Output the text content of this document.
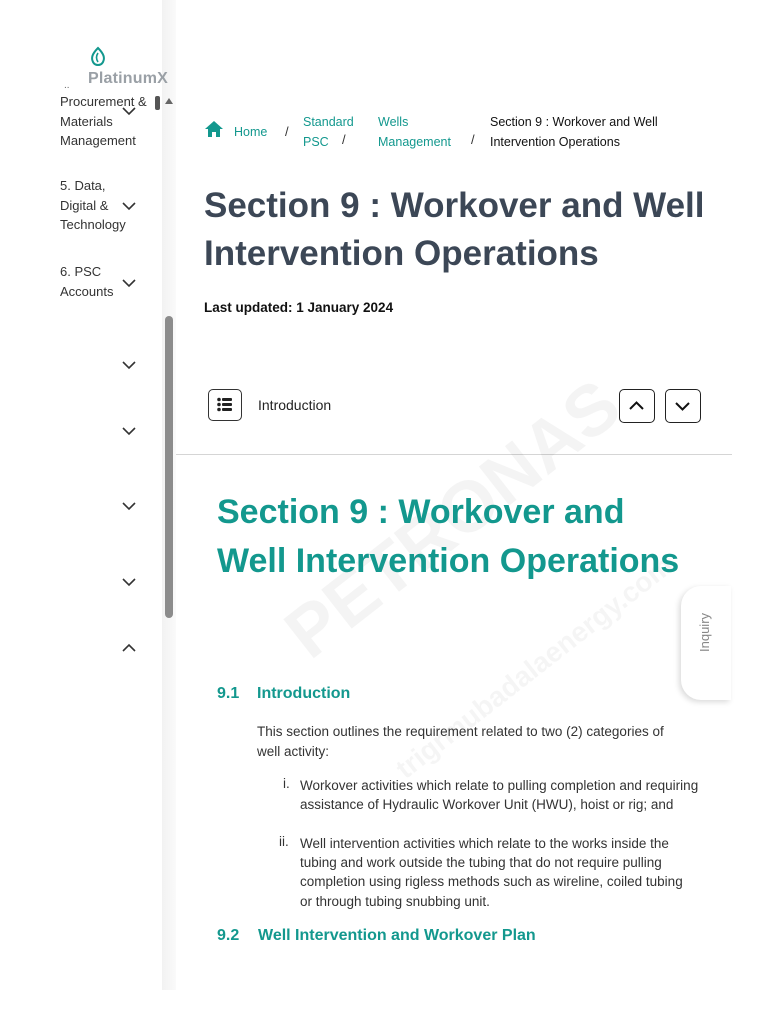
PlatinumX
..
Procurement & Materials Management
5. Data, Digital & Technology
6. PSC Accounts
Home /
Standard PSC	/
Wells Management	/
Section 9 : Workover and Well Intervention Operations
Section 9 : Workover and Well Intervention Operations
Last updated: 1 January 2024
Introduction
Section 9 : Workover and Well Intervention Operations
9.1 Introduction

This section outlines the requirement related to two (2) categories of well activity:

i. Workover activities which relate to pulling completion and requiring assistance of Hydraulic Workover Unit (HWU), hoist or rig; and
ii. Well intervention activities which relate to the works inside the tubing and work outside the tubing that do not require pulling completion using rigless methods such as wireline, coiled tubing or through tubing snubbing unit.
9.2 Well Intervention and Workover Plan
Inquiry
